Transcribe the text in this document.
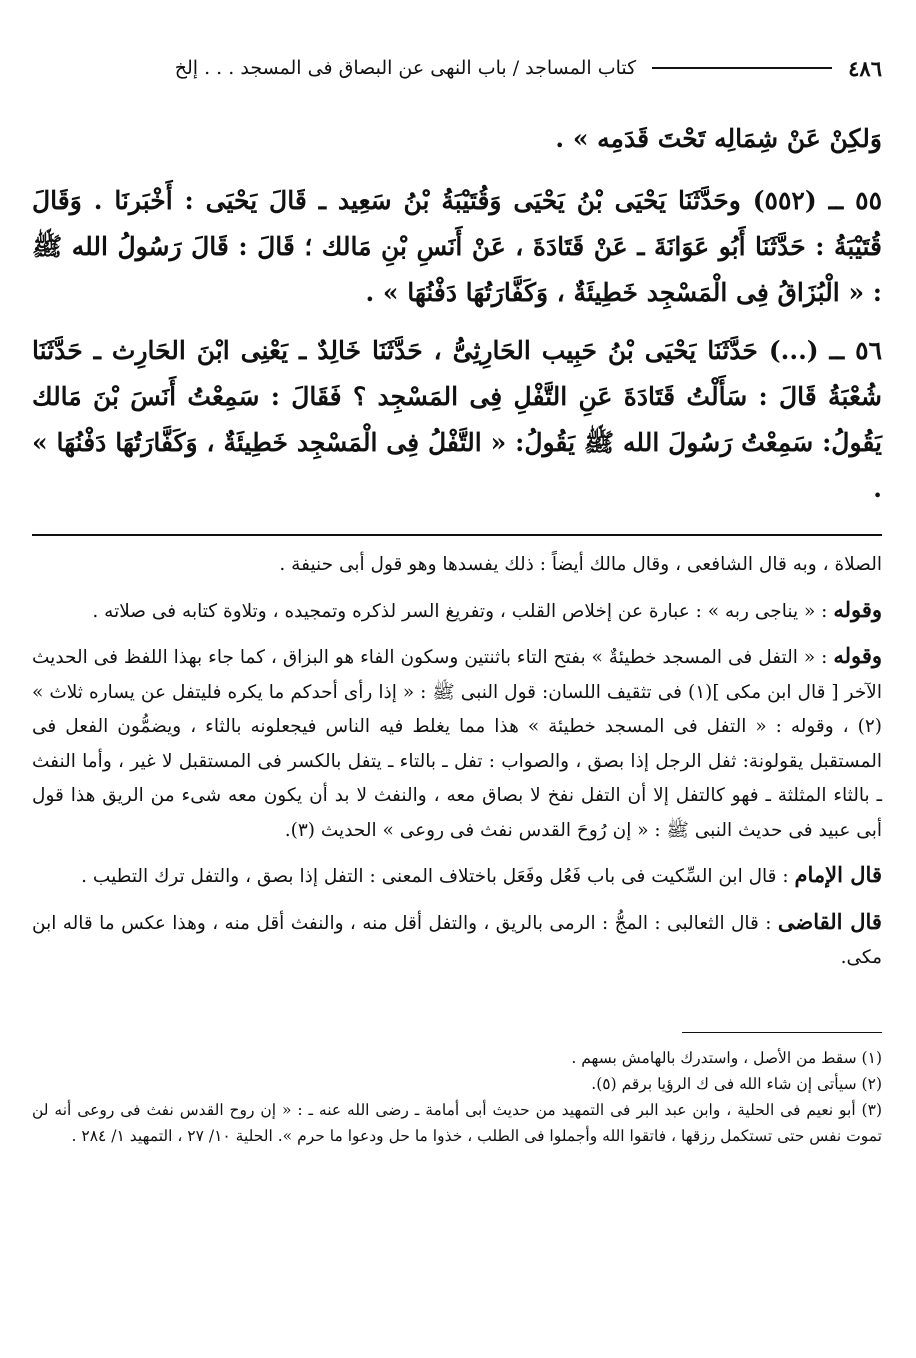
٤٨٦
كتاب المساجد / باب النهى عن البصاق فى المسجد . . . إلخ

وَلكِنْ عَنْ شِمَالِه تَحْتَ قَدَمِه » .

٥٥ ــ (٥٥٢) وحَدَّثَنَا يَحْيَى بْنُ يَحْيَى وَقُتَيْبَةُ بْنُ سَعِيد ـ قَالَ يَحْيَى : أَخْبَرنَا . وَقَالَ قُتَيْبَةُ : حَدَّثَنَا أَبُو عَوَانَةَ ـ عَنْ قَتَادَةَ ، عَنْ أَنَسِ بْنِ مَالك ؛ قَالَ : قَالَ رَسُولُ الله ﷺ : « الْبُزَاقُ فِى الْمَسْجِد خَطِيئَةٌ ، وَكَفَّارَتُهَا دَفْنُهَا » .

٥٦ ــ (...) حَدَّثَنَا يَحْيَى بْنُ حَبِيب الحَارِثِىُّ ، حَدَّثَنَا خَالِدٌ ـ يَعْنِى ابْنَ الحَارِث ـ حَدَّثَنَا شُعْبَةُ قَالَ : سَأَلْتُ قَتَادَةَ عَنِ التَّفْلِ فِى المَسْجِد ؟ فَقَالَ : سَمِعْتُ أَنَسَ بْنَ مَالك يَقُولُ: سَمِعْتُ رَسُولَ الله ﷺ يَقُولُ: « التَّفْلُ فِى الْمَسْجِد خَطِيئَةٌ ، وَكَفَّارَتُهَا دَفْنُهَا » .

الصلاة ، وبه قال الشافعى ، وقال مالك أيضاً : ذلك يفسدها وهو قول أبى حنيفة .

وقوله : « يناجى ربه » : عبارة عن إخلاص القلب ، وتفريغ السر لذكره وتمجيده ، وتلاوة كتابه فى صلاته .

وقوله : « التفل فى المسجد خطيئةٌ » بفتح التاء باثنتين وسكون الفاء هو البزاق ، كما جاء بهذا اللفظ فى الحديث الآخر [ قال ابن مكى ](١) فى تثقيف اللسان: قول النبى ﷺ : « إذا رأى أحدكم ما يكره فليتفل عن يساره ثلاث » (٢) ، وقوله : « التفل فى المسجد خطيئة » هذا مما يغلط فيه الناس فيجعلونه بالثاء ، ويضمُّون الفعل فى المستقبل يقولونة: ثفل الرجل إذا بصق ، والصواب : تفل ـ بالتاء ـ يتفل بالكسر فى المستقبل لا غير ، وأما النفث ـ بالثاء المثلثة ـ فهو كالتفل إلا أن التفل نفخ لا بصاق معه ، والنفث لا بد أن يكون معه شىء من الريق هذا قول أبى عبيد فى حديث النبى ﷺ : « إن رُوحَ القدس نفث فى روعى » الحديث (٣).

قال الإمام : قال ابن السِّكيت فى باب فَعُل وفَعَل باختلاف المعنى : التفل إذا بصق ، والتفل ترك التطيب .

قال القاضى : قال الثعالبى : المجُّ : الرمى بالريق ، والتفل أقل منه ، والنفث أقل منه ، وهذا عكس ما قاله ابن مكى.

(١) سقط من الأصل ، واستدرك بالهامش بسهم .

(٢) سيأتى إن شاء الله فى ك الرؤيا برقم (٥).

(٣) أبو نعيم فى الحلية ، وابن عبد البر فى التمهيد من حديث أبى أمامة ـ رضى الله عنه ـ : « إن روح القدس نفث فى روعى أنه لن تموت نفس حتى تستكمل رزقها ، فاتقوا الله وأجملوا فى الطلب ، خذوا ما حل ودعوا ما حرم ». الحلية ١٠/ ٢٧ ، التمهيد ١/ ٢٨٤ .
